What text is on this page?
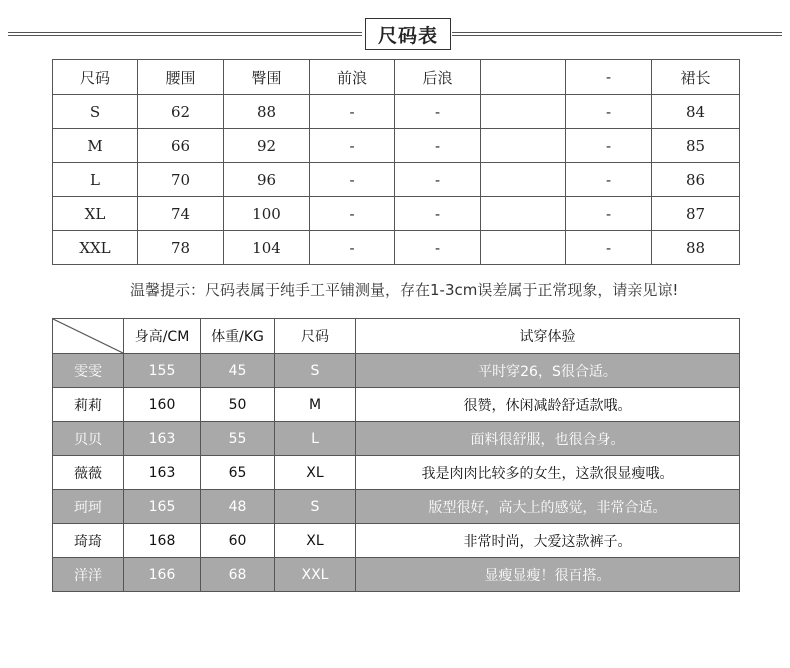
尺码表
尺码	腰围	臀围	前浪	后浪		-	裙长
S	62	88	-	-		-	84
M	66	92	-	-		-	85
L	70	96	-	-		-	86
XL	74	100	-	-		-	87
XXL	78	104	-	-		-	88
温馨提示：尺码表属于纯手工平铺测量，存在1-3cm误差属于正常现象，请亲见谅!
	身高/CM	体重/KG	尺码	试穿体验
雯雯	155	45	S	平时穿26，S很合适。
莉莉	160	50	M	很赞，休闲减龄舒适款哦。
贝贝	163	55	L	面料很舒服，也很合身。
薇薇	163	65	XL	我是肉肉比较多的女生，这款很显瘦哦。
珂珂	165	48	S	版型很好，高大上的感觉，非常合适。
琦琦	168	60	XL	非常时尚，大爱这款裤子。
洋洋	166	68	XXL	显瘦显瘦！很百搭。
